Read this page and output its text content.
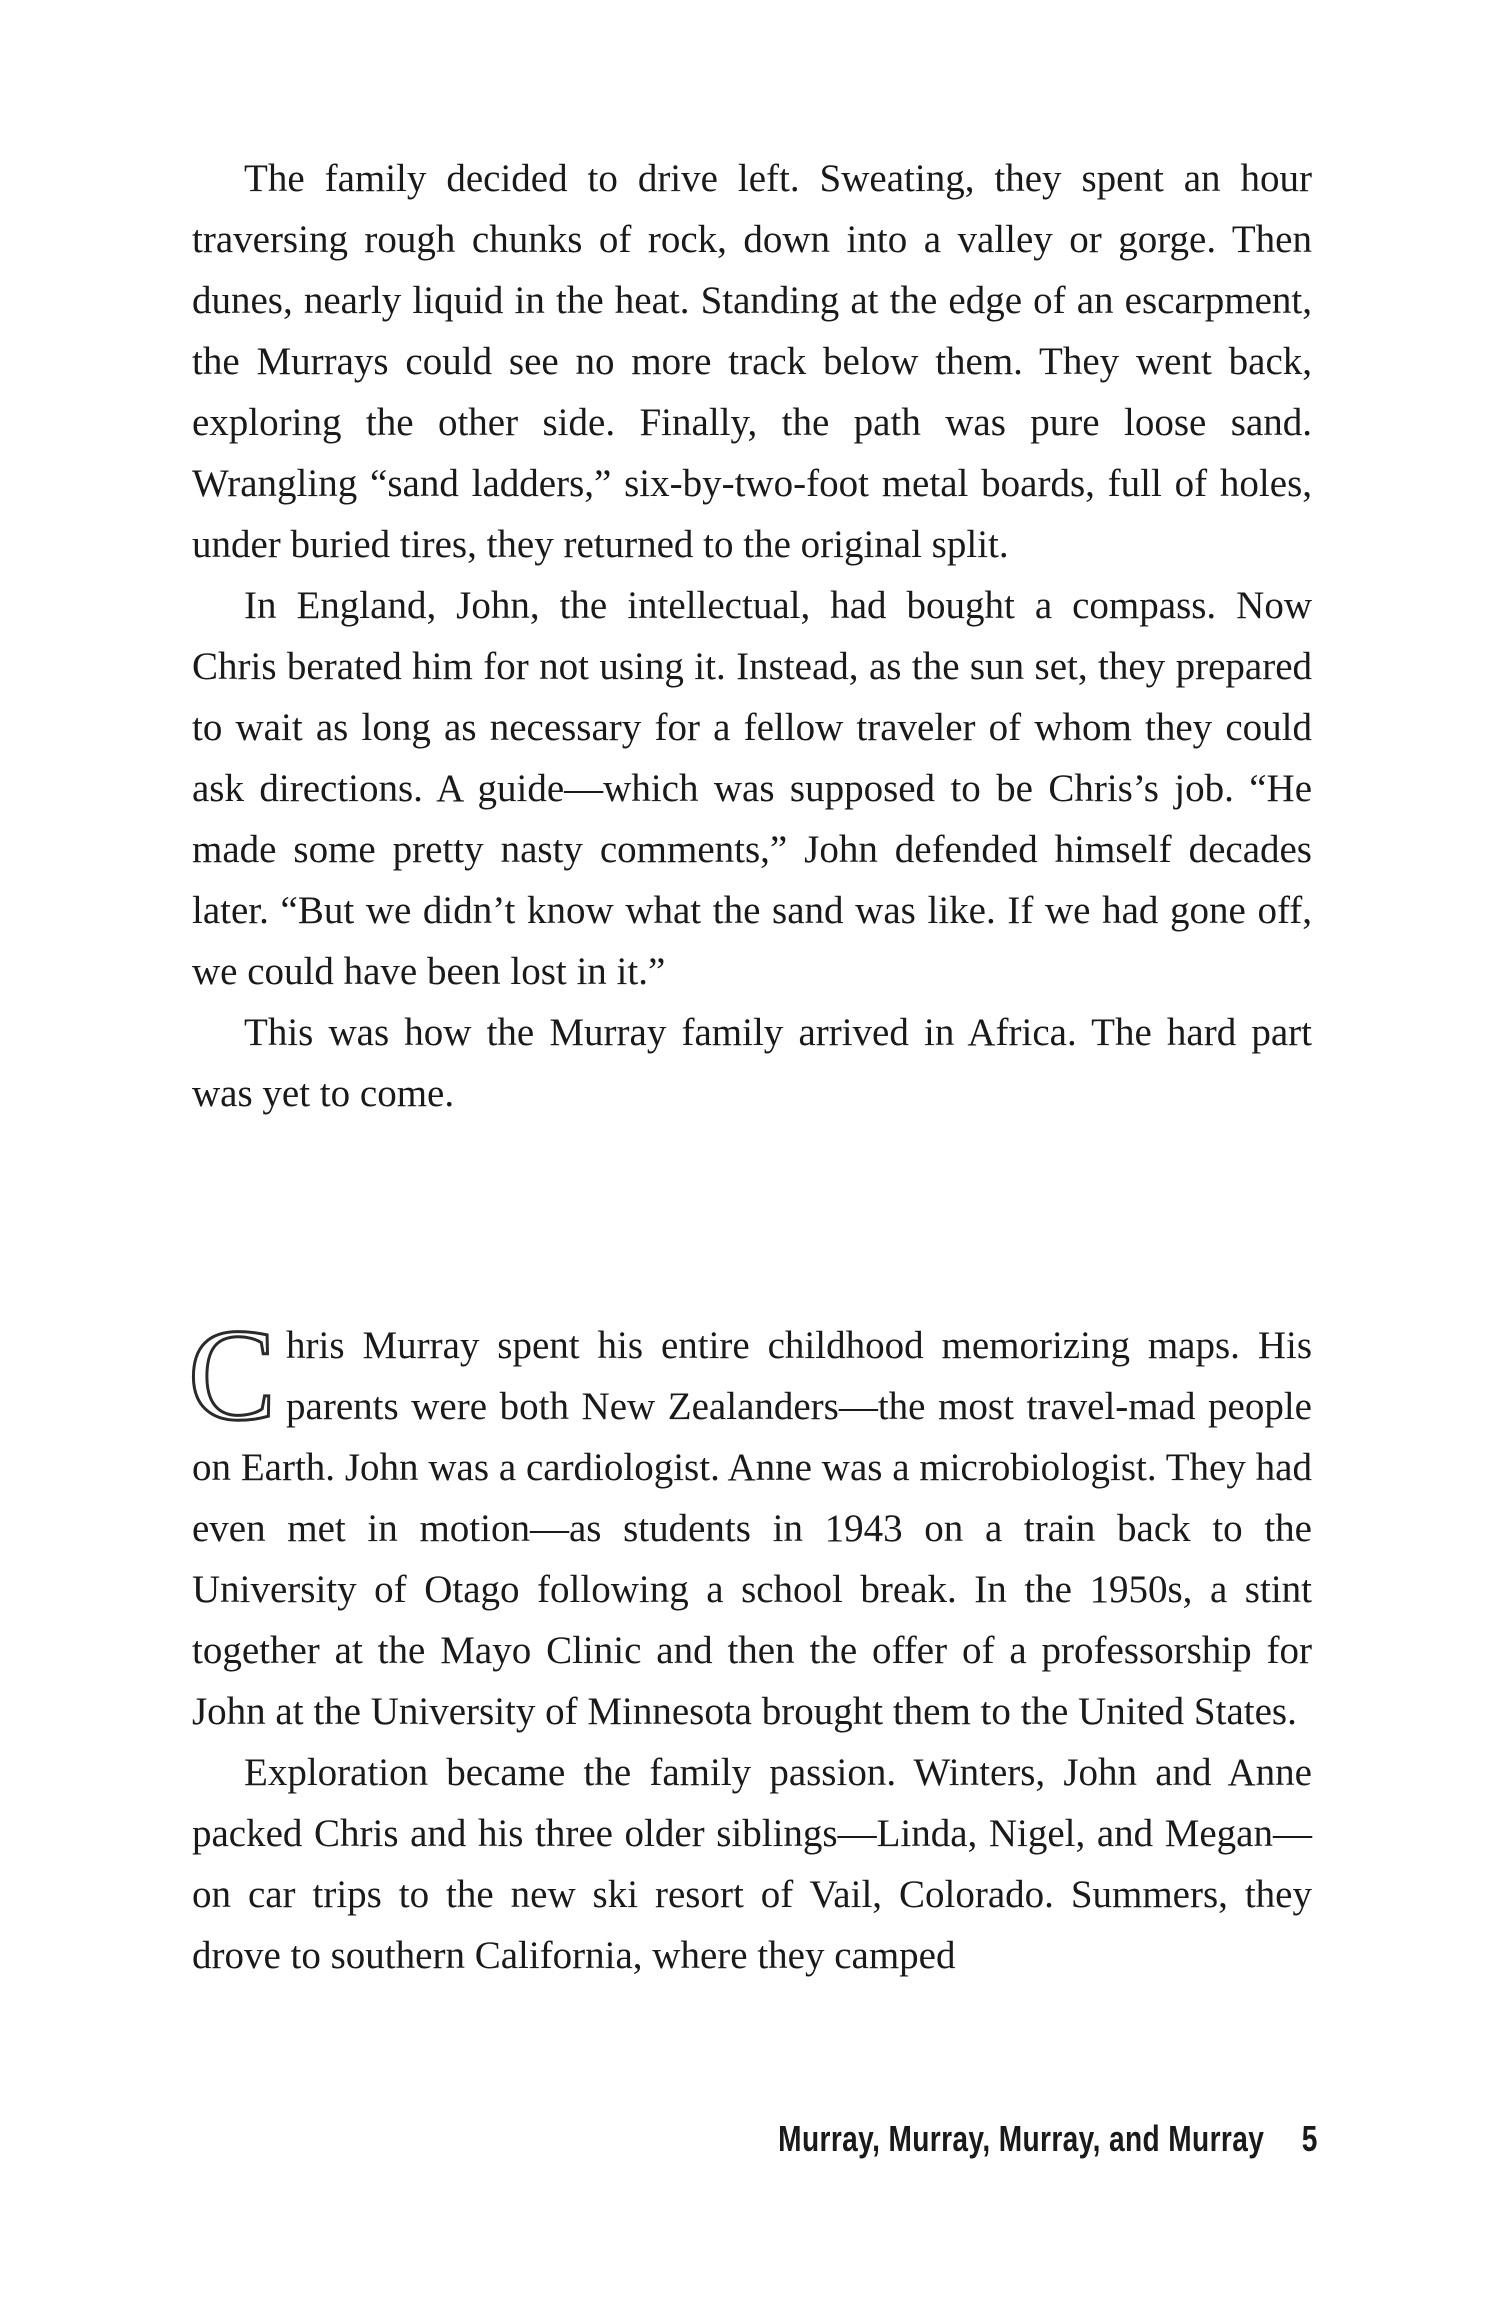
The family decided to drive left. Sweating, they spent an hour traversing rough chunks of rock, down into a valley or gorge. Then dunes, nearly liquid in the heat. Standing at the edge of an escarpment, the Murrays could see no more track below them. They went back, exploring the other side. Finally, the path was pure loose sand. Wrangling “sand ladders,” six-by-two-foot metal boards, full of holes, under buried tires, they returned to the original split.

In England, John, the intellectual, had bought a compass. Now Chris berated him for not using it. Instead, as the sun set, they prepared to wait as long as necessary for a fellow traveler of whom they could ask directions. A guide—which was supposed to be Chris’s job. “He made some pretty nasty comments,” John defended himself decades later. “But we didn’t know what the sand was like. If we had gone off, we could have been lost in it.”

This was how the Murray family arrived in Africa. The hard part was yet to come.

Chris Murray spent his entire childhood memorizing maps. His parents were both New Zealanders—the most travel-mad people on Earth. John was a cardiologist. Anne was a microbiologist. They had even met in motion—as students in 1943 on a train back to the University of Otago following a school break. In the 1950s, a stint together at the Mayo Clinic and then the offer of a professorship for John at the University of Minnesota brought them to the United States.

Exploration became the family passion. Winters, John and Anne packed Chris and his three older siblings—Linda, Nigel, and Megan—on car trips to the new ski resort of Vail, Colorado. Summers, they drove to southern California, where they camped

Murray, Murray, Murray, and Murray 5
